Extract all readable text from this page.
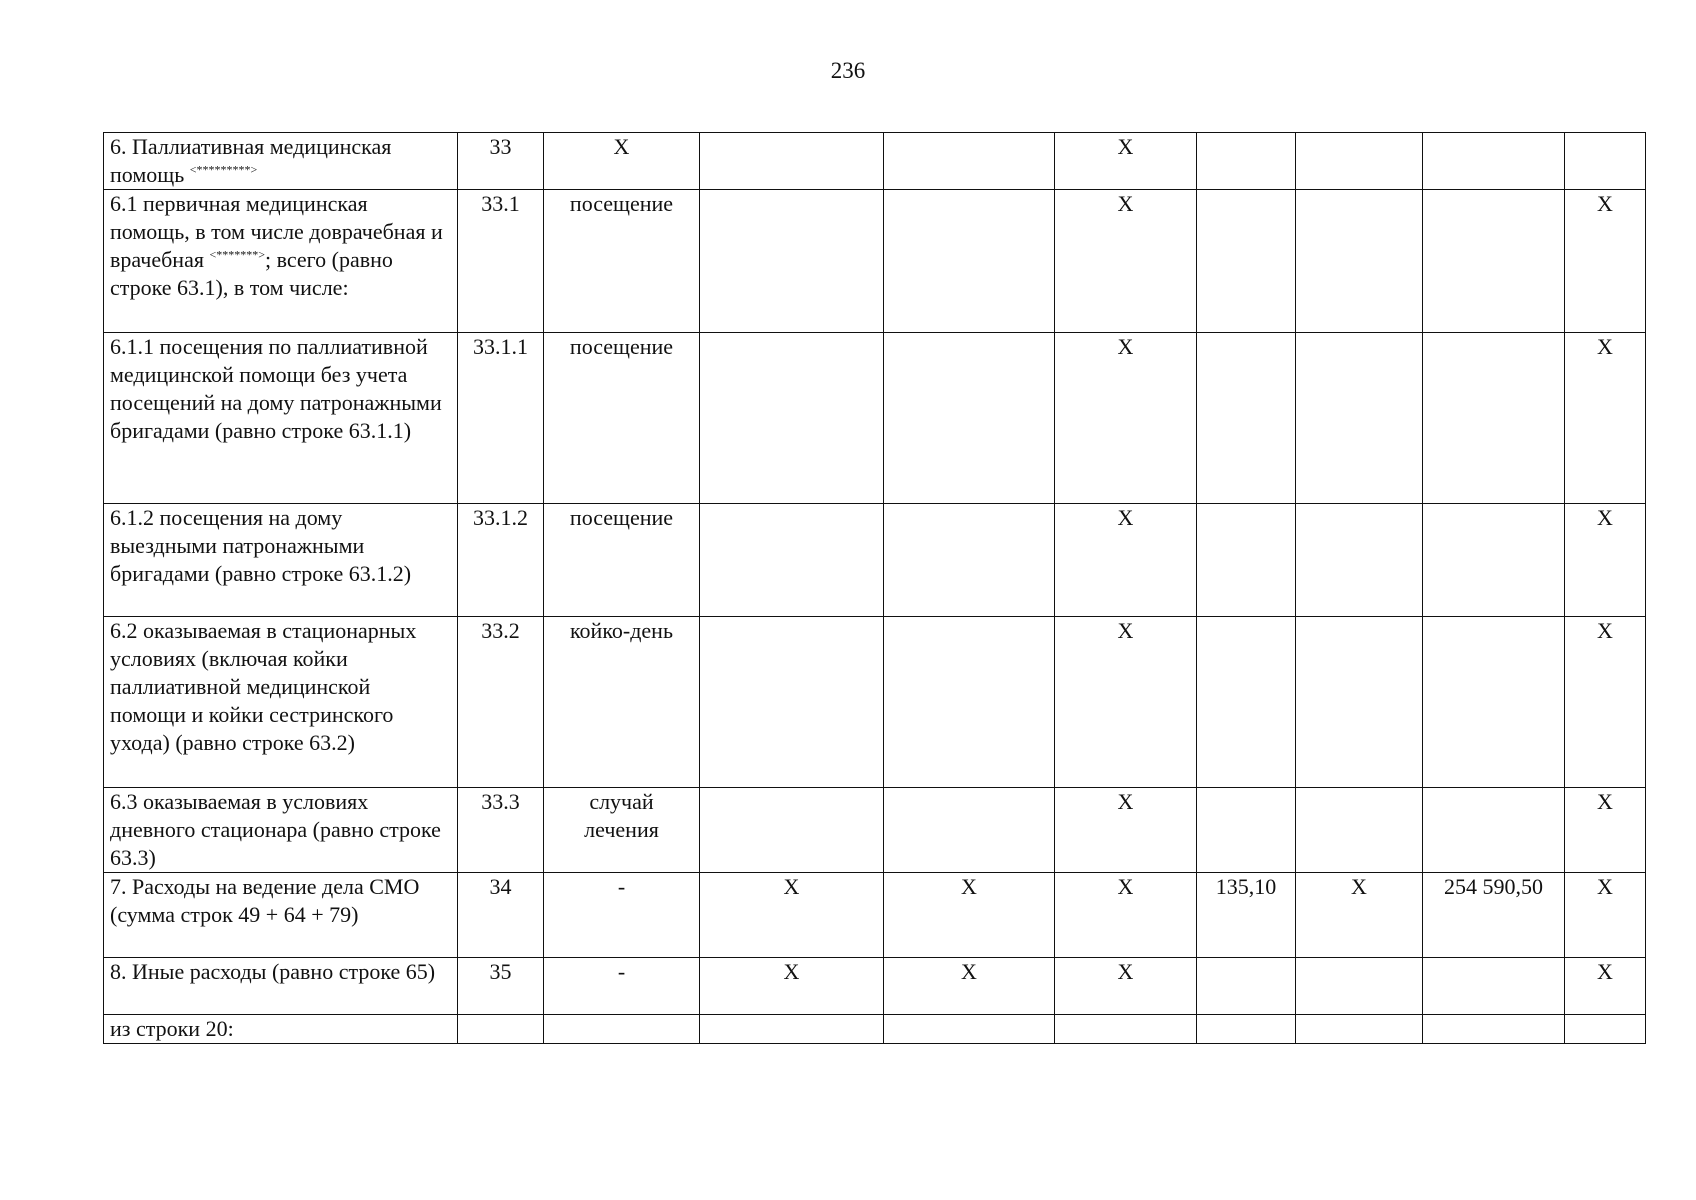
236
6. Паллиативная медицинская помощь <*********>	33	X			X				
6.1 первичная медицинская помощь, в том числе доврачебная и врачебная <*******>; всего (равно строке 63.1), в том числе:	33.1	посещение			X				X
6.1.1 посещения по паллиативной медицинской помощи без учета посещений на дому патронажными бригадами (равно строке 63.1.1)	33.1.1	посещение			X				X
6.1.2 посещения на дому выездными патронажными бригадами (равно строке 63.1.2)	33.1.2	посещение			X				X
6.2 оказываемая в стационарных условиях (включая койки паллиативной медицинской помощи и койки сестринского ухода) (равно строке 63.2)	33.2	койко-день			X				X
6.3 оказываемая в условиях дневного стационара (равно строке 63.3)	33.3	случай лечения			X				X
7. Расходы на ведение дела СМО (сумма строк 49 + 64 + 79)	34	-	X	X	X	135,10	X	254 590,50	X
8. Иные расходы (равно строке 65)	35	-	X	X	X				X
из строки 20:									
